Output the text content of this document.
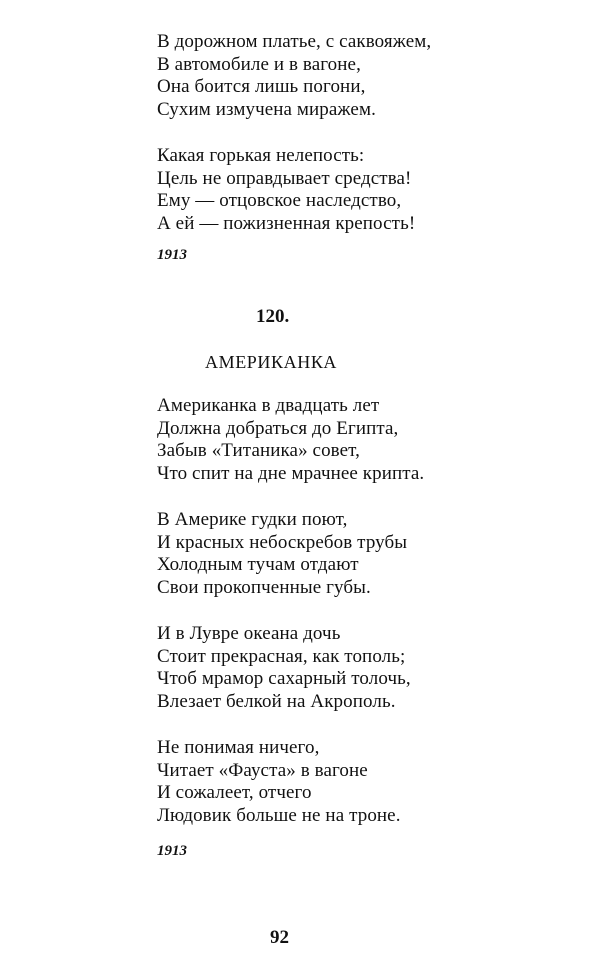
В дорожном платье, с саквояжем,
В автомобиле и в вагоне,
Она боится лишь погони,
Сухим измучена миражем.
Какая горькая нелепость:
Цель не оправдывает средства!
Ему — отцовское наследство,
А ей — пожизненная крепость!
1913
120.
АМЕРИКАНКА
Американка в двадцать лет
Должна добраться до Египта,
Забыв «Титаника» совет,
Что спит на дне мрачнее крипта.
В Америке гудки поют,
И красных небоскребов трубы
Холодным тучам отдают
Свои прокопченные губы.
И в Лувре океана дочь
Стоит прекрасная, как тополь;
Чтоб мрамор сахарный толочь,
Влезает белкой на Акрополь.
Не понимая ничего,
Читает «Фауста» в вагоне
И сожалеет, отчего
Людовик больше не на троне.
1913
92
